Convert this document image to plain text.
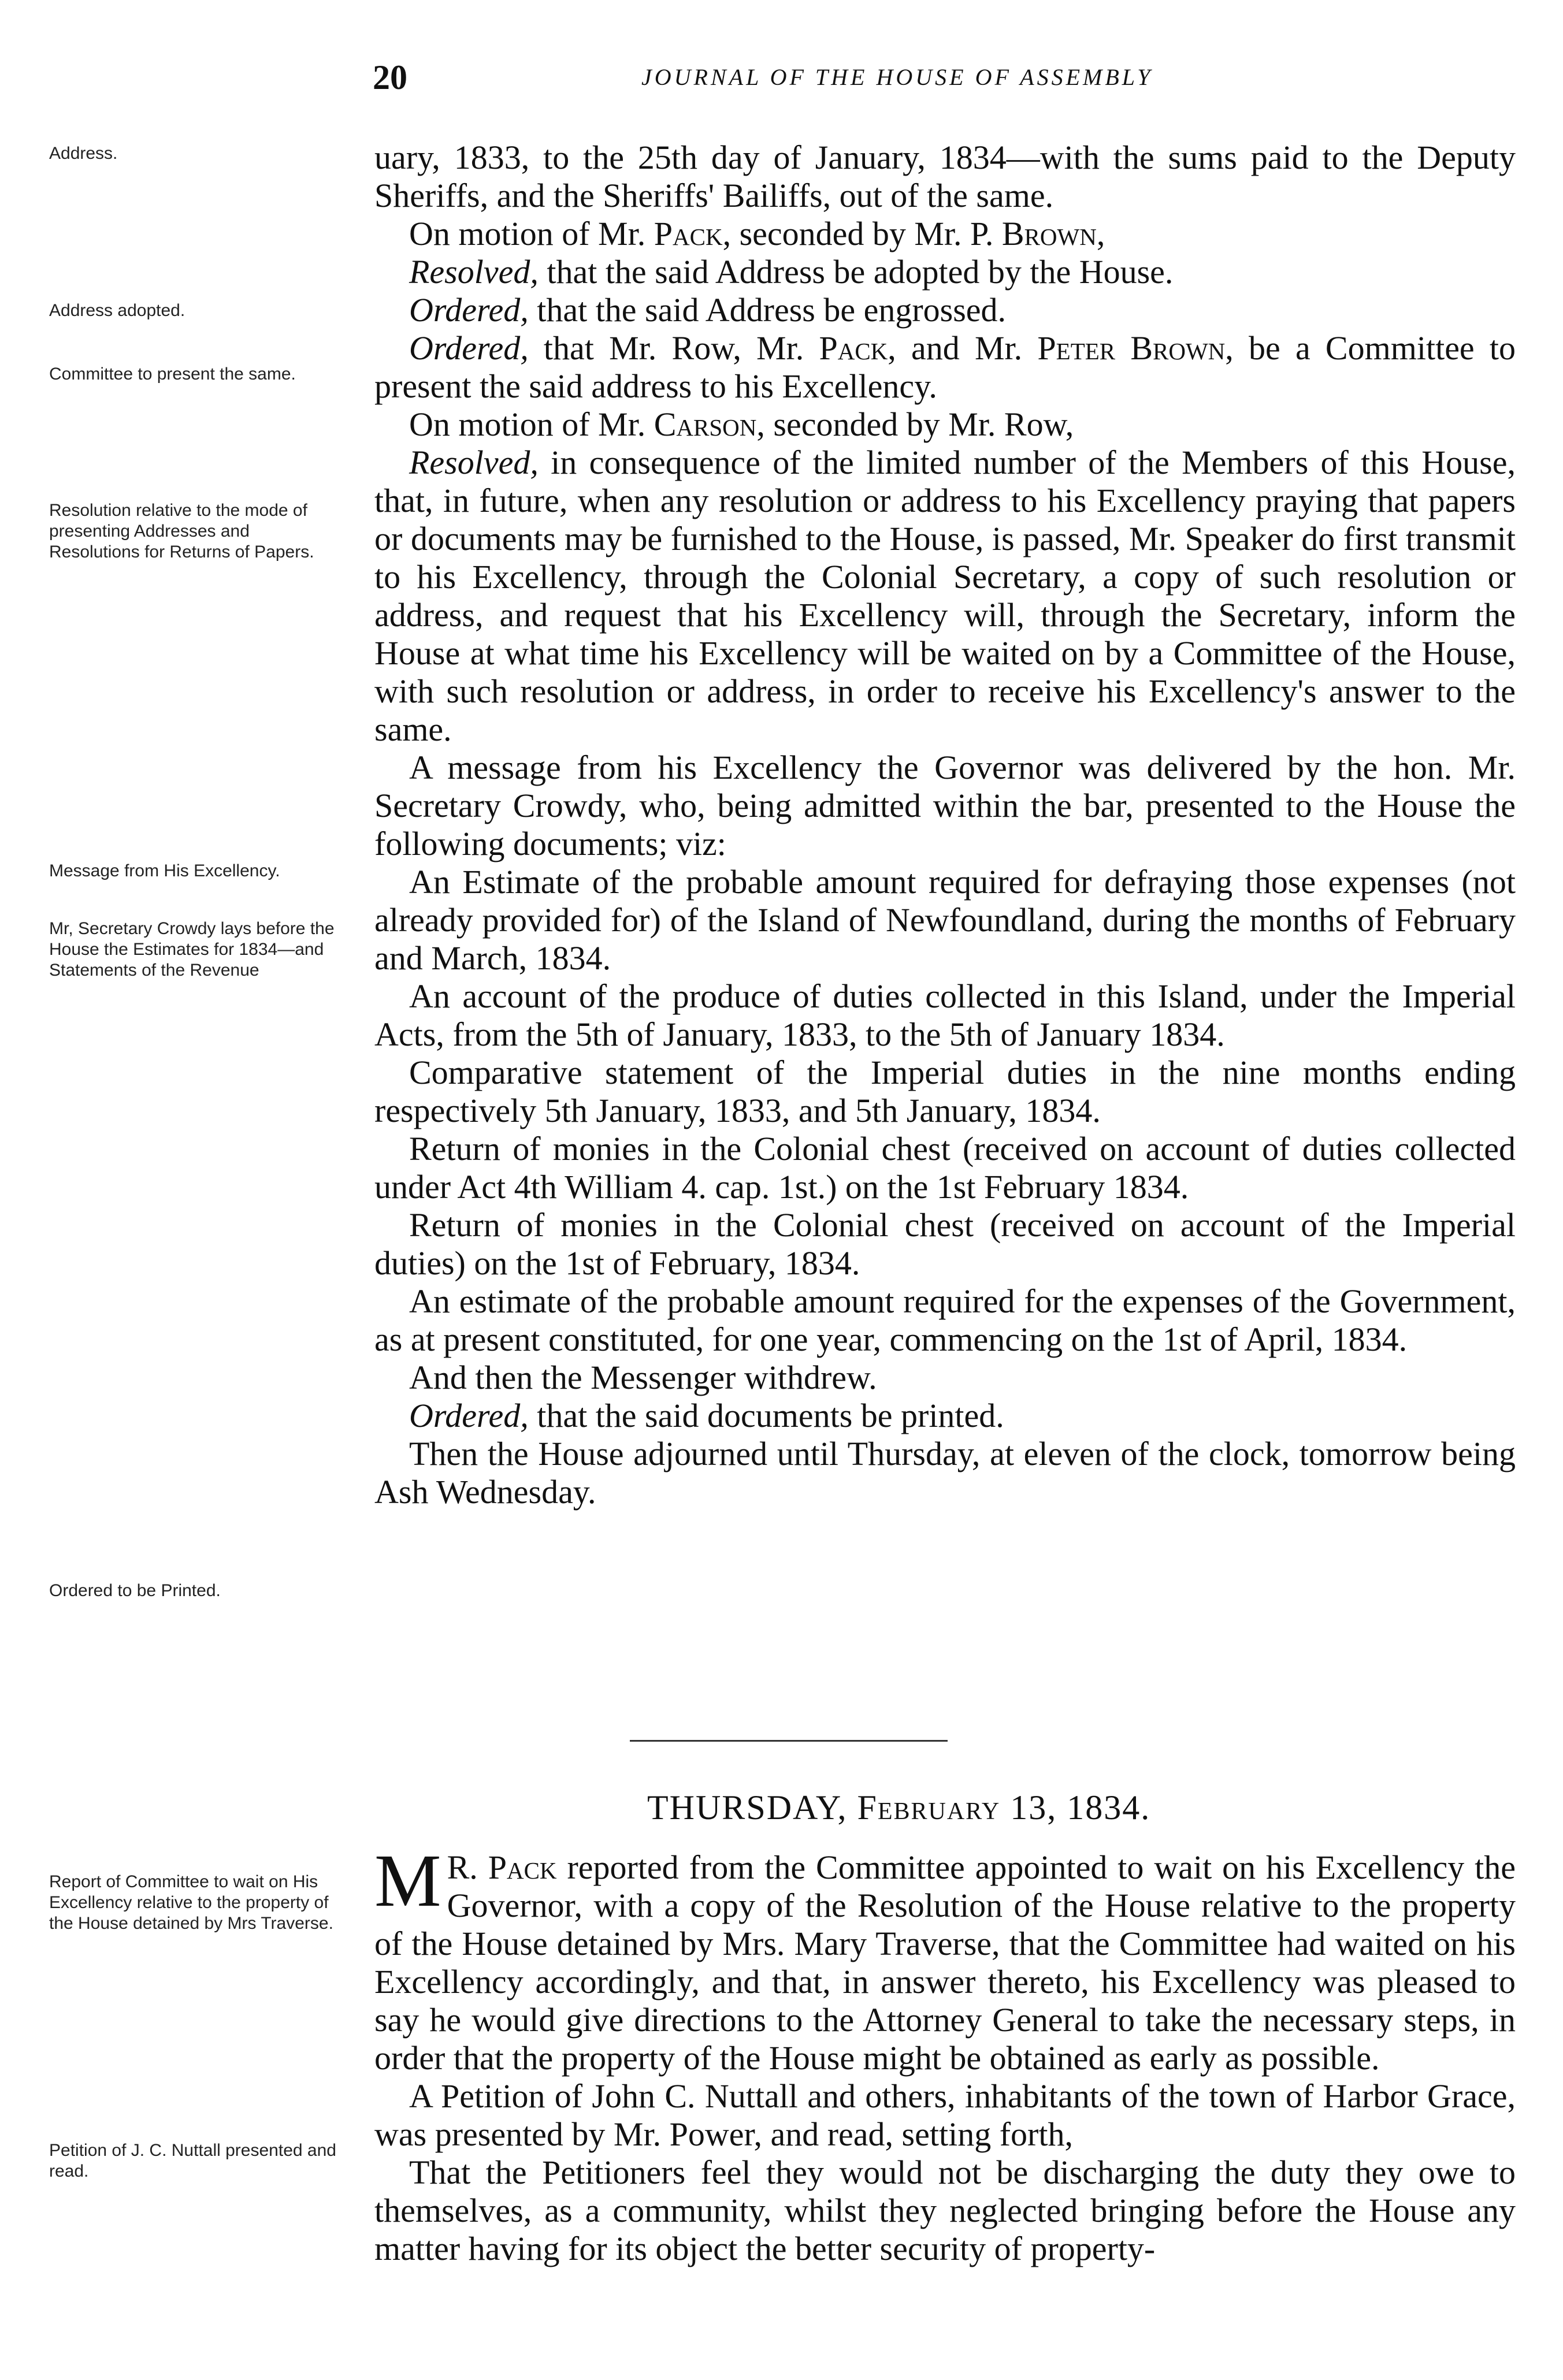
20	JOURNAL OF THE HOUSE OF ASSEMBLY
Address.
Address adopted.
Committee to present the same.
Resolution relative to the mode of presenting Addresses and Resolutions for Returns of Papers.
Message from His Excellency.
Mr, Secretary Crowdy lays before the House the Estimates for 1834—and Statements of the Revenue
Ordered to be Printed.
Report of Committee to wait on His Excellency relative to the property of the House detained by Mrs Traverse.
Petition of J. C. Nuttall presented and read.

uary, 1833, to the 25th day of January, 1834—with the sums paid to the Deputy Sheriffs, and the Sheriffs' Bailiffs, out of the same.

On motion of Mr. Pack, seconded by Mr. P. Brown,

Resolved, that the said Address be adopted by the House.

Ordered, that the said Address be engrossed.

Ordered, that Mr. Row, Mr. Pack, and Mr. Peter Brown, be a Committee to present the said address to his Excellency.

On motion of Mr. Carson, seconded by Mr. Row,

Resolved, in consequence of the limited number of the Members of this House, that, in future, when any resolution or address to his Excellency praying that papers or documents may be furnished to the House, is passed, Mr. Speaker do first transmit to his Excellency, through the Colonial Secretary, a copy of such resolution or address, and request that his Excellency will, through the Secretary, inform the House at what time his Excellency will be waited on by a Committee of the House, with such resolution or address, in order to receive his Excellency's answer to the same.

A message from his Excellency the Governor was delivered by the hon. Mr. Secretary Crowdy, who, being admitted within the bar, presented to the House the following documents; viz:

An Estimate of the probable amount required for defraying those expenses (not already provided for) of the Island of Newfoundland, during the months of February and March, 1834.

An account of the produce of duties collected in this Island, under the Imperial Acts, from the 5th of January, 1833, to the 5th of January 1834.

Comparative statement of the Imperial duties in the nine months ending respectively 5th January, 1833, and 5th January, 1834.

Return of monies in the Colonial chest (received on account of duties collected under Act 4th William 4. cap. 1st.) on the 1st February 1834.

Return of monies in the Colonial chest (received on account of the Imperial duties) on the 1st of February, 1834.

An estimate of the probable amount required for the expenses of the Government, as at present constituted, for one year, commencing on the 1st of April, 1834.

And then the Messenger withdrew.

Ordered, that the said documents be printed.

Then the House adjourned until Thursday, at eleven of the clock, tomorrow being Ash Wednesday.

THURSDAY, February 13, 1834.

M R. Pack reported from the Committee appointed to wait on his Excellency the Governor, with a copy of the Resolution of the House relative to the property of the House detained by Mrs. Mary Traverse, that the Committee had waited on his Excellency accordingly, and that, in answer thereto, his Excellency was pleased to say he would give directions to the Attorney General to take the necessary steps, in order that the property of the House might be obtained as early as possible.

A Petition of John C. Nuttall and others, inhabitants of the town of Harbor Grace, was presented by Mr. Power, and read, setting forth,

That the Petitioners feel they would not be discharging the duty they owe to themselves, as a community, whilst they neglected bringing before the House any matter having for its object the better security of property-
